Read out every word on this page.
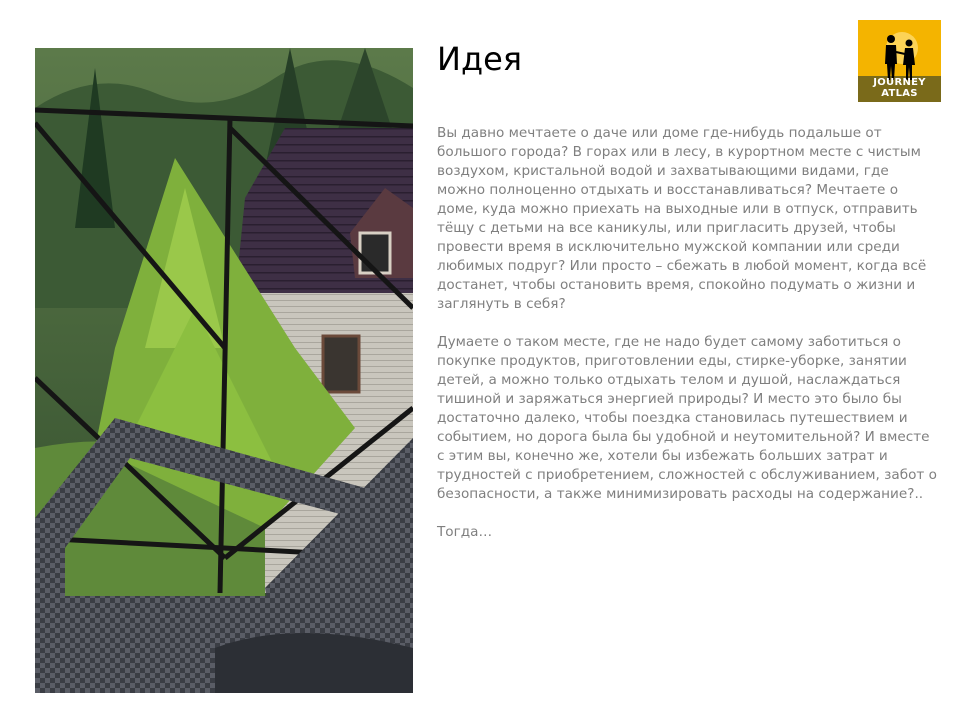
Идея

Вы давно мечтаете о даче или доме где-нибудь подальше от большого города? В горах или в лесу, в курортном месте с чистым воздухом, кристальной водой и захватывающими видами, где можно полноценно отдыхать и восстанавливаться? Мечтаете о доме, куда можно приехать на выходные или в отпуск, отправить тёщу с детьми на все каникулы, или пригласить друзей, чтобы провести время в исключительно мужской компании или среди любимых подруг? Или просто – сбежать в любой момент, когда всё достанет, чтобы остановить время, спокойно подумать о жизни и заглянуть в себя?

Думаете о таком месте, где не надо будет самому заботиться о покупке продуктов, приготовлении еды, стирке-уборке, занятии детей, а можно только отдыхать телом и душой, наслаждаться тишиной и заряжаться энергией природы? И место это было бы достаточно далеко, чтобы поездка становилась путешествием и событием, но дорога была бы удобной и неутомительной? И вместе с этим вы, конечно же, хотели бы избежать больших затрат и трудностей с приобретением, сложностей с обслуживанием, забот о безопасности, а также минимизировать расходы на содержание?..

Тогда…

JOURNEY ATLAS
